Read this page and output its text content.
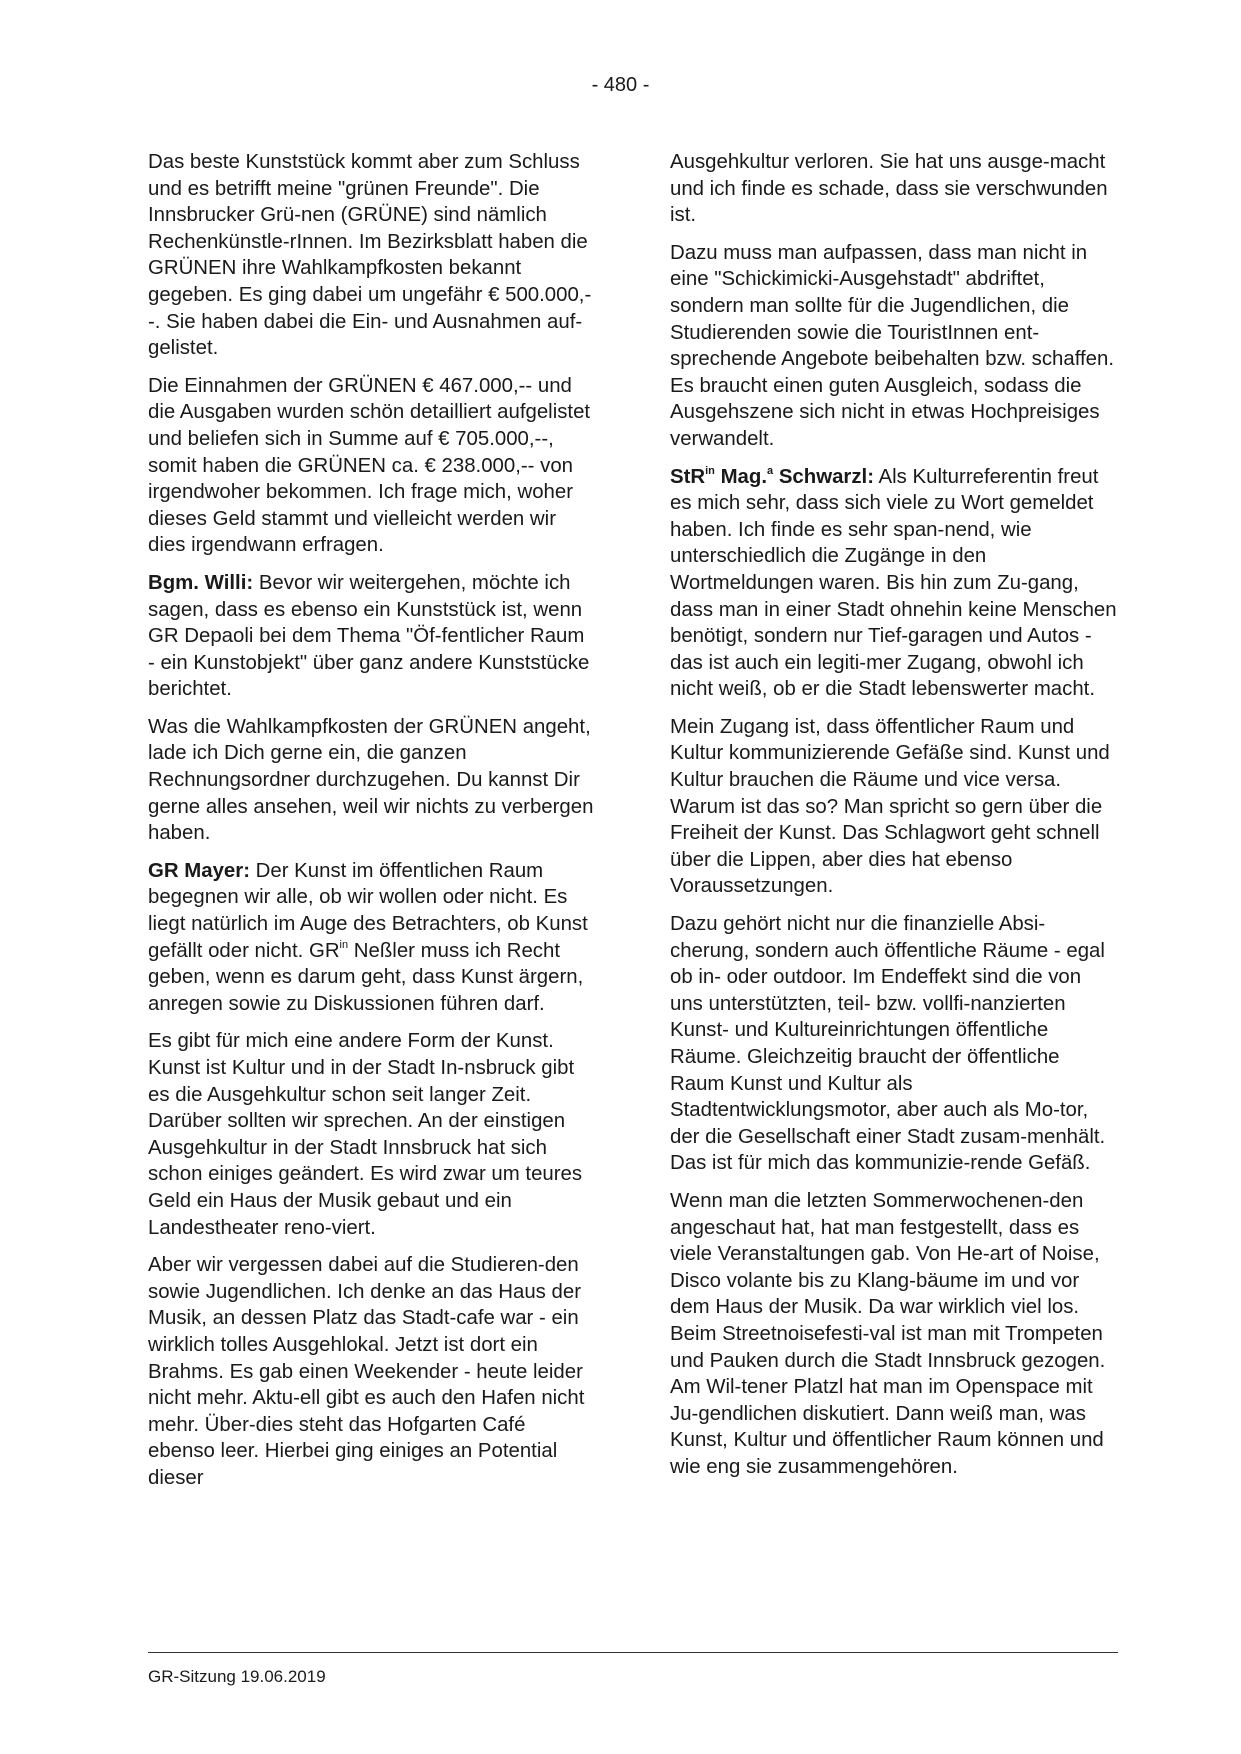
- 480 -

Das beste Kunststück kommt aber zum Schluss und es betrifft meine "grünen Freunde". Die Innsbrucker Grü-nen (GRÜNE) sind nämlich Rechenkünstle-rInnen. Im Bezirksblatt haben die GRÜNEN ihre Wahlkampfkosten bekannt gegeben. Es ging dabei um ungefähr € 500.000,--. Sie haben dabei die Ein- und Ausnahmen auf-gelistet.

Die Einnahmen der GRÜNEN € 467.000,-- und die Ausgaben wurden schön detailliert aufgelistet und beliefen sich in Summe auf € 705.000,--, somit haben die GRÜNEN ca. € 238.000,-- von irgendwoher bekommen. Ich frage mich, woher dieses Geld stammt und vielleicht werden wir dies irgendwann erfragen.

Bgm. Willi: Bevor wir weitergehen, möchte ich sagen, dass es ebenso ein Kunststück ist, wenn GR Depaoli bei dem Thema "Öf-fentlicher Raum - ein Kunstobjekt" über ganz andere Kunststücke berichtet.

Was die Wahlkampfkosten der GRÜNEN angeht, lade ich Dich gerne ein, die ganzen Rechnungsordner durchzugehen. Du kannst Dir gerne alles ansehen, weil wir nichts zu verbergen haben.

GR Mayer: Der Kunst im öffentlichen Raum begegnen wir alle, ob wir wollen oder nicht. Es liegt natürlich im Auge des Betrachters, ob Kunst gefällt oder nicht. $GR^{in}$ Neßler muss ich Recht geben, wenn es darum geht, dass Kunst ärgern, anregen sowie zu Diskussionen führen darf.

Es gibt für mich eine andere Form der Kunst. Kunst ist Kultur und in der Stadt In-nsbruck gibt es die Ausgehkultur schon seit langer Zeit. Darüber sollten wir sprechen. An der einstigen Ausgehkultur in der Stadt Innsbruck hat sich schon einiges geändert. Es wird zwar um teures Geld ein Haus der Musik gebaut und ein Landestheater reno-viert.

Aber wir vergessen dabei auf die Studieren-den sowie Jugendlichen. Ich denke an das Haus der Musik, an dessen Platz das Stadt-cafe war - ein wirklich tolles Ausgehlokal. Jetzt ist dort ein Brahms. Es gab einen Weekender - heute leider nicht mehr. Aktu-ell gibt es auch den Hafen nicht mehr. Über-dies steht das Hofgarten Café ebenso leer. Hierbei ging einiges an Potential dieser

Ausgehkultur verloren. Sie hat uns ausge-macht und ich finde es schade, dass sie verschwunden ist.

Dazu muss man aufpassen, dass man nicht in eine "Schickimicki-Ausgehstadt" abdriftet, sondern man sollte für die Jugendlichen, die Studierenden sowie die TouristInnen ent-sprechende Angebote beibehalten bzw. schaffen. Es braucht einen guten Ausgleich, sodass die Ausgehszene sich nicht in etwas Hochpreisiges verwandelt.

StR$^{in}$ Mag.$^a$ Schwarzl: Als Kulturreferentin freut es mich sehr, dass sich viele zu Wort gemeldet haben. Ich finde es sehr span-nend, wie unterschiedlich die Zugänge in den Wortmeldungen waren. Bis hin zum Zu-gang, dass man in einer Stadt ohnehin keine Menschen benötigt, sondern nur Tief-garagen und Autos - das ist auch ein legiti-mer Zugang, obwohl ich nicht weiß, ob er die Stadt lebenswerter macht.

Mein Zugang ist, dass öffentlicher Raum und Kultur kommunizierende Gefäße sind. Kunst und Kultur brauchen die Räume und vice versa. Warum ist das so? Man spricht so gern über die Freiheit der Kunst. Das Schlagwort geht schnell über die Lippen, aber dies hat ebenso Voraussetzungen.

Dazu gehört nicht nur die finanzielle Absi-cherung, sondern auch öffentliche Räume - egal ob in- oder outdoor. Im Endeffekt sind die von uns unterstützten, teil- bzw. vollfi-nanzierten Kunst- und Kultureinrichtungen öffentliche Räume. Gleichzeitig braucht der öffentliche Raum Kunst und Kultur als Stadtentwicklungsmotor, aber auch als Mo-tor, der die Gesellschaft einer Stadt zusam-menhält. Das ist für mich das kommunizie-rende Gefäß.

Wenn man die letzten Sommerwochenen-den angeschaut hat, hat man festgestellt, dass es viele Veranstaltungen gab. Von He-art of Noise, Disco volante bis zu Klang-bäume im und vor dem Haus der Musik. Da war wirklich viel los. Beim Streetnoisefesti-val ist man mit Trompeten und Pauken durch die Stadt Innsbruck gezogen. Am Wil-tener Platzl hat man im Openspace mit Ju-gendlichen diskutiert. Dann weiß man, was Kunst, Kultur und öffentlicher Raum können und wie eng sie zusammengehören.

GR-Sitzung 19.06.2019
